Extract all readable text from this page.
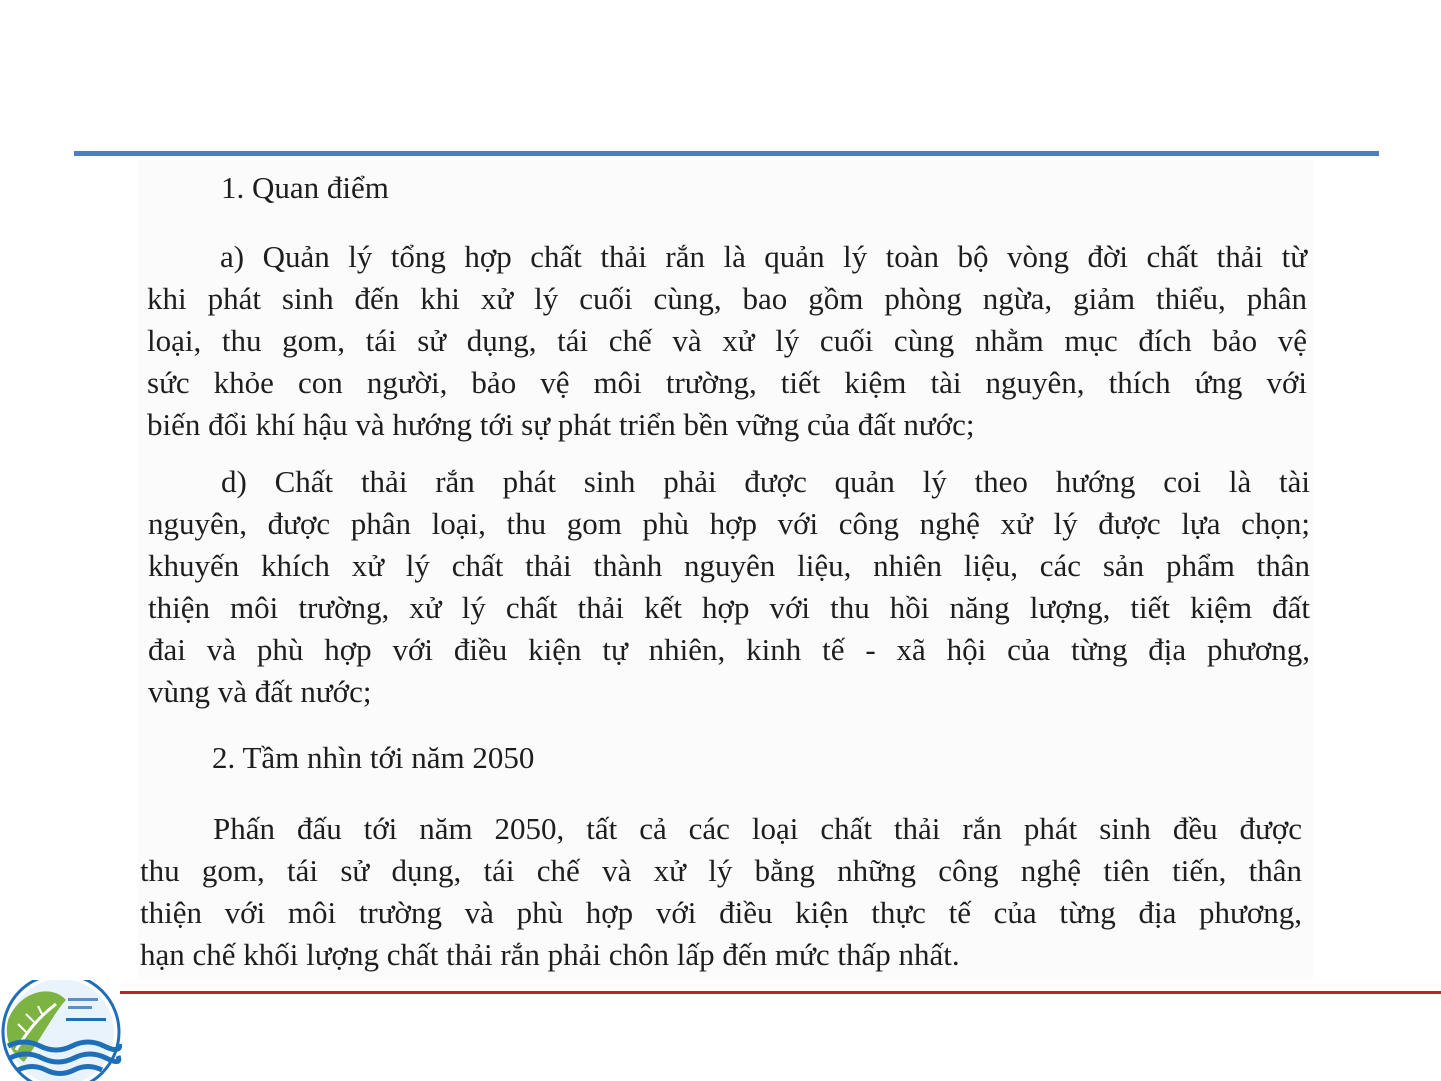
1. Quan điểm
a) Quản lý tổng hợp chất thải rắn là quản lý toàn bộ vòng đời chất thải từ
khi phát sinh đến khi xử lý cuối cùng, bao gồm phòng ngừa, giảm thiểu, phân
loại, thu gom, tái sử dụng, tái chế và xử lý cuối cùng nhằm mục đích bảo vệ
sức khỏe con người, bảo vệ môi trường, tiết kiệm tài nguyên, thích ứng với
biến đổi khí hậu và hướng tới sự phát triển bền vững của đất nước;
d) Chất thải rắn phát sinh phải được quản lý theo hướng coi là tài
nguyên, được phân loại, thu gom phù hợp với công nghệ xử lý được lựa chọn;
khuyến khích xử lý chất thải thành nguyên liệu, nhiên liệu, các sản phẩm thân
thiện môi trường, xử lý chất thải kết hợp với thu hồi năng lượng, tiết kiệm đất
đai và phù hợp với điều kiện tự nhiên, kinh tế - xã hội của từng địa phương,
vùng và đất nước;
2. Tầm nhìn tới năm 2050
Phấn đấu tới năm 2050, tất cả các loại chất thải rắn phát sinh đều được
thu gom, tái sử dụng, tái chế và xử lý bằng những công nghệ tiên tiến, thân
thiện với môi trường và phù hợp với điều kiện thực tế của từng địa phương,
hạn chế khối lượng chất thải rắn phải chôn lấp đến mức thấp nhất.
